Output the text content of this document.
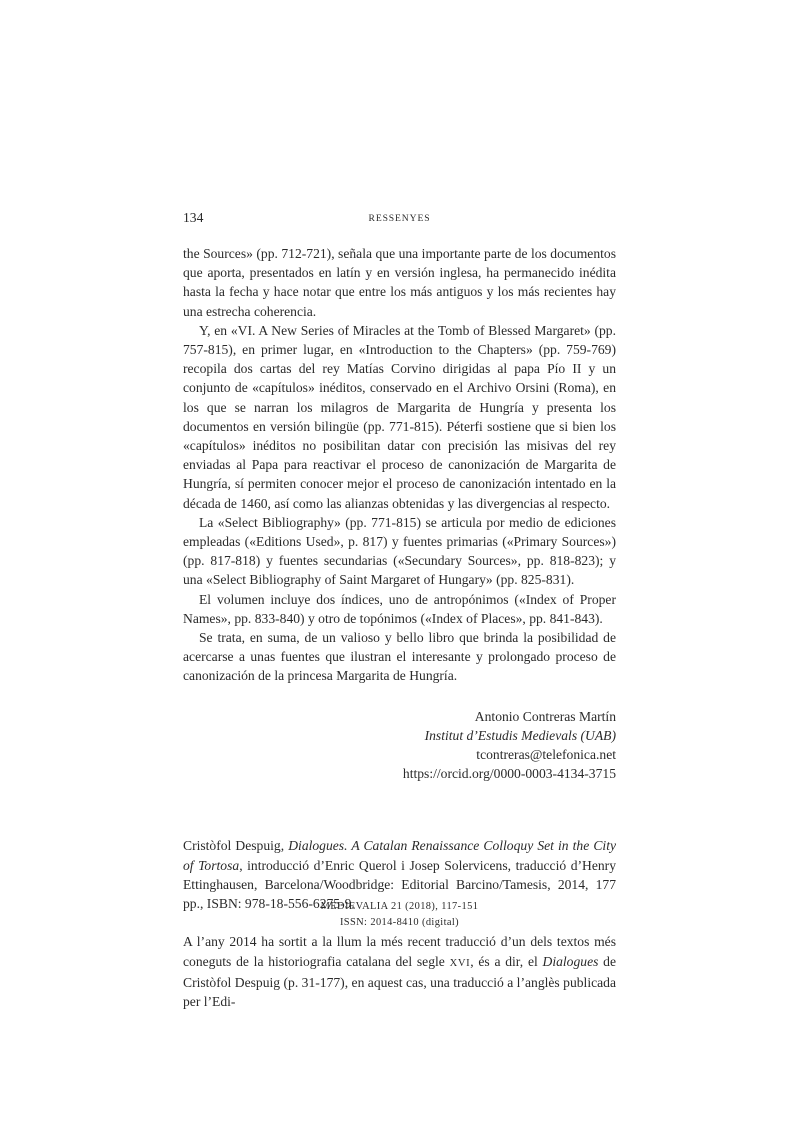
134	RESSENYES

the Sources» (pp. 712-721), señala que una importante parte de los documentos que aporta, presentados en latín y en versión inglesa, ha permanecido inédita hasta la fecha y hace notar que entre los más antiguos y los más recientes hay una estrecha coherencia.

Y, en «VI. A New Series of Miracles at the Tomb of Blessed Margaret» (pp. 757-815), en primer lugar, en «Introduction to the Chapters» (pp. 759-769) recopila dos cartas del rey Matías Corvino dirigidas al papa Pío II y un conjunto de «capítulos» inéditos, conservado en el Archivo Orsini (Roma), en los que se narran los milagros de Margarita de Hungría y presenta los documentos en versión bilingüe (pp. 771-815). Péterfi sostiene que si bien los «capítulos» inéditos no posibilitan datar con precisión las misivas del rey enviadas al Papa para reactivar el proceso de canonización de Margarita de Hungría, sí permiten conocer mejor el proceso de canonización intentado en la década de 1460, así como las alianzas obtenidas y las divergencias al respecto.

La «Select Bibliography» (pp. 771-815) se articula por medio de ediciones empleadas («Editions Used», p. 817) y fuentes primarias («Primary Sources») (pp. 817-818) y fuentes secundarias («Secundary Sources», pp. 818-823); y una «Select Bibliography of Saint Margaret of Hungary» (pp. 825-831).

El volumen incluye dos índices, uno de antropónimos («Index of Proper Names», pp. 833-840) y otro de topónimos («Index of Places», pp. 841-843).

Se trata, en suma, de un valioso y bello libro que brinda la posibilidad de acercarse a unas fuentes que ilustran el interesante y prolongado proceso de canonización de la princesa Margarita de Hungría.

Antonio Contreras Martín
Institut d’Estudis Medievals (UAB)
tcontreras@telefonica.net
https://orcid.org/0000-0003-4134-3715

Cristòfol Despuig, Dialogues. A Catalan Renaissance Colloquy Set in the City of Tortosa, introducció d’Enric Querol i Josep Solervicens, traducció d’Henry Ettinghausen, Barcelona/Woodbridge: Editorial Barcino/Tamesis, 2014, 177 pp., ISBN: 978-18-556-6275-9.

A l’any 2014 ha sortit a la llum la més recent traducció d’un dels textos més coneguts de la historiografia catalana del segle XVI, és a dir, el Dialogues de Cristòfol Despuig (p. 31-177), en aquest cas, una traducció a l’anglès publicada per l’Edi-

MEDIEVALIA 21 (2018), 117-151
ISSN: 2014-8410 (digital)
